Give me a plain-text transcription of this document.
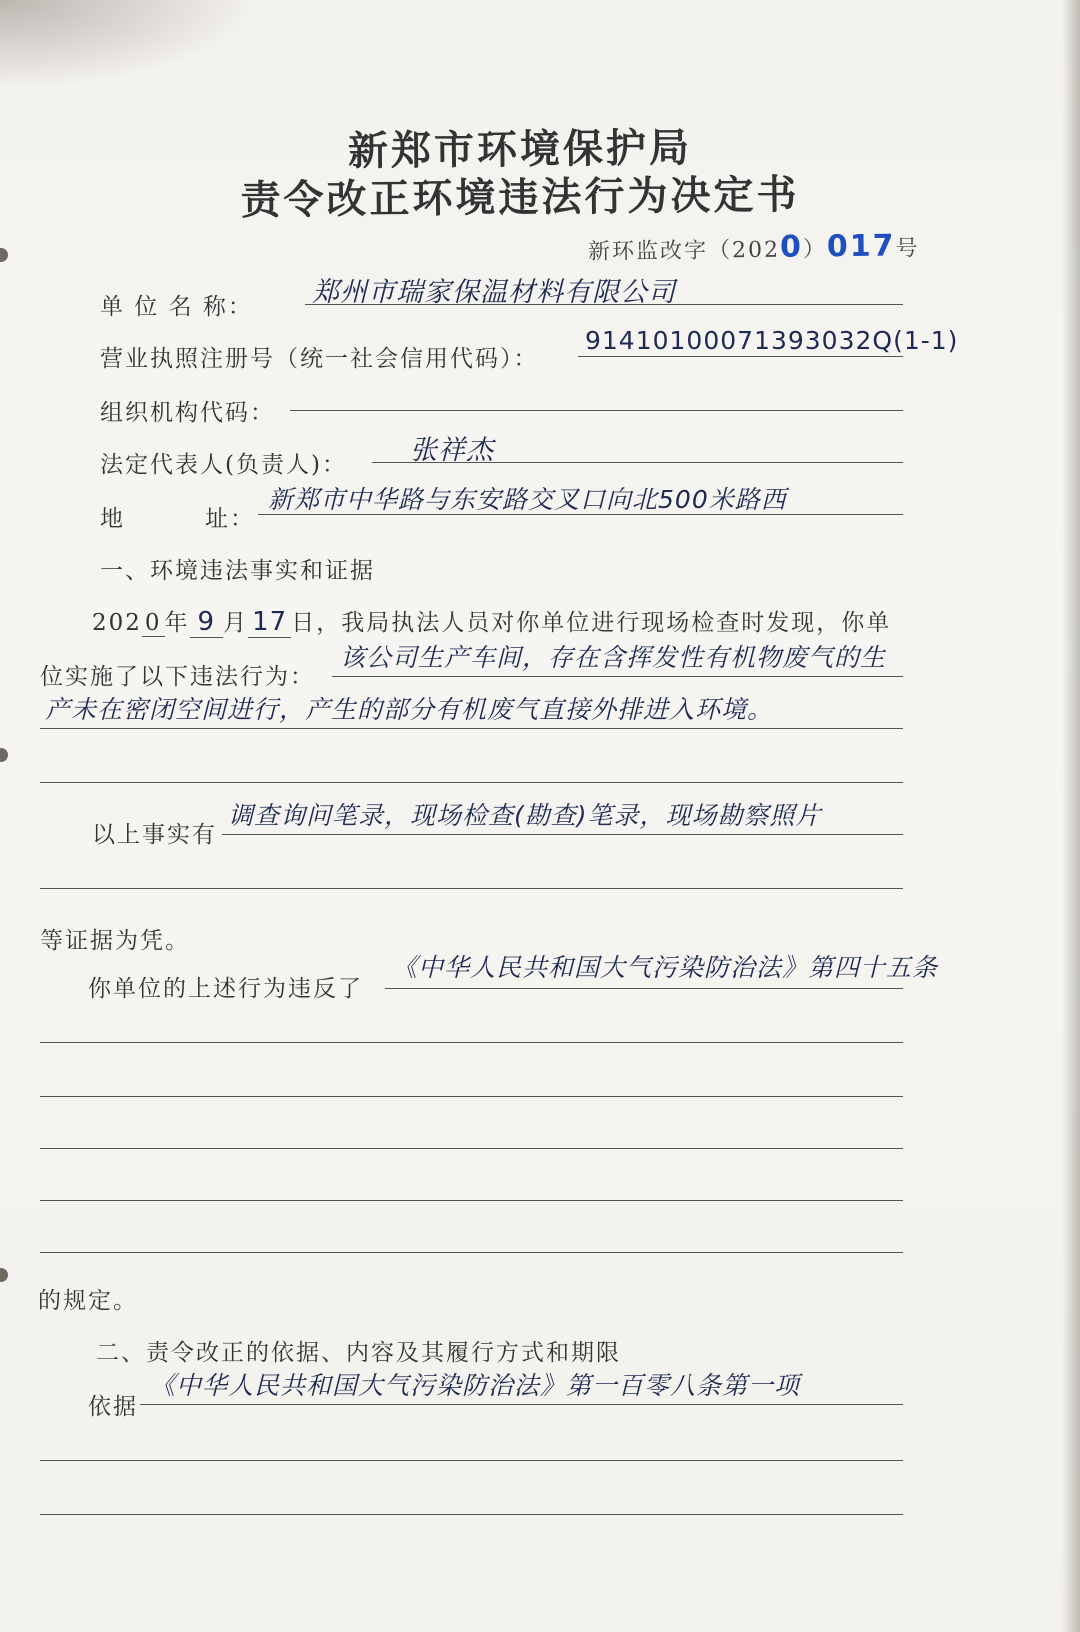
新郑市环境保护局
责令改正环境违法行为决定书
新环监改字（2020）017号
单 位 名 称： 郑州市瑞家保温材料有限公司
营业执照注册号（统一社会信用代码）：
91410100071393032Q(1-1)
组织机构代码：
法定代表人(负责人)： 张祥杰
地	址：
新郑市中华路与东安路交叉口向北500米路西
一、环境违法事实和证据
202 0 年 9 月 17 日，我局执法人员对你单位进行现场检查时发现，你单
位实施了以下违法行为：
该公司生产车间，存在含挥发性有机物废气的生
产未在密闭空间进行，产生的部分有机废气直接外排进入环境。
以上事实有
调查询问笔录，现场检查(勘查)笔录，现场勘察照片
等证据为凭。
你单位的上述行为违反了
《中华人民共和国大气污染防治法》第四十五条
的规定。
二、责令改正的依据、内容及其履行方式和期限
依据
《中华人民共和国大气污染防治法》第一百零八条第一项
